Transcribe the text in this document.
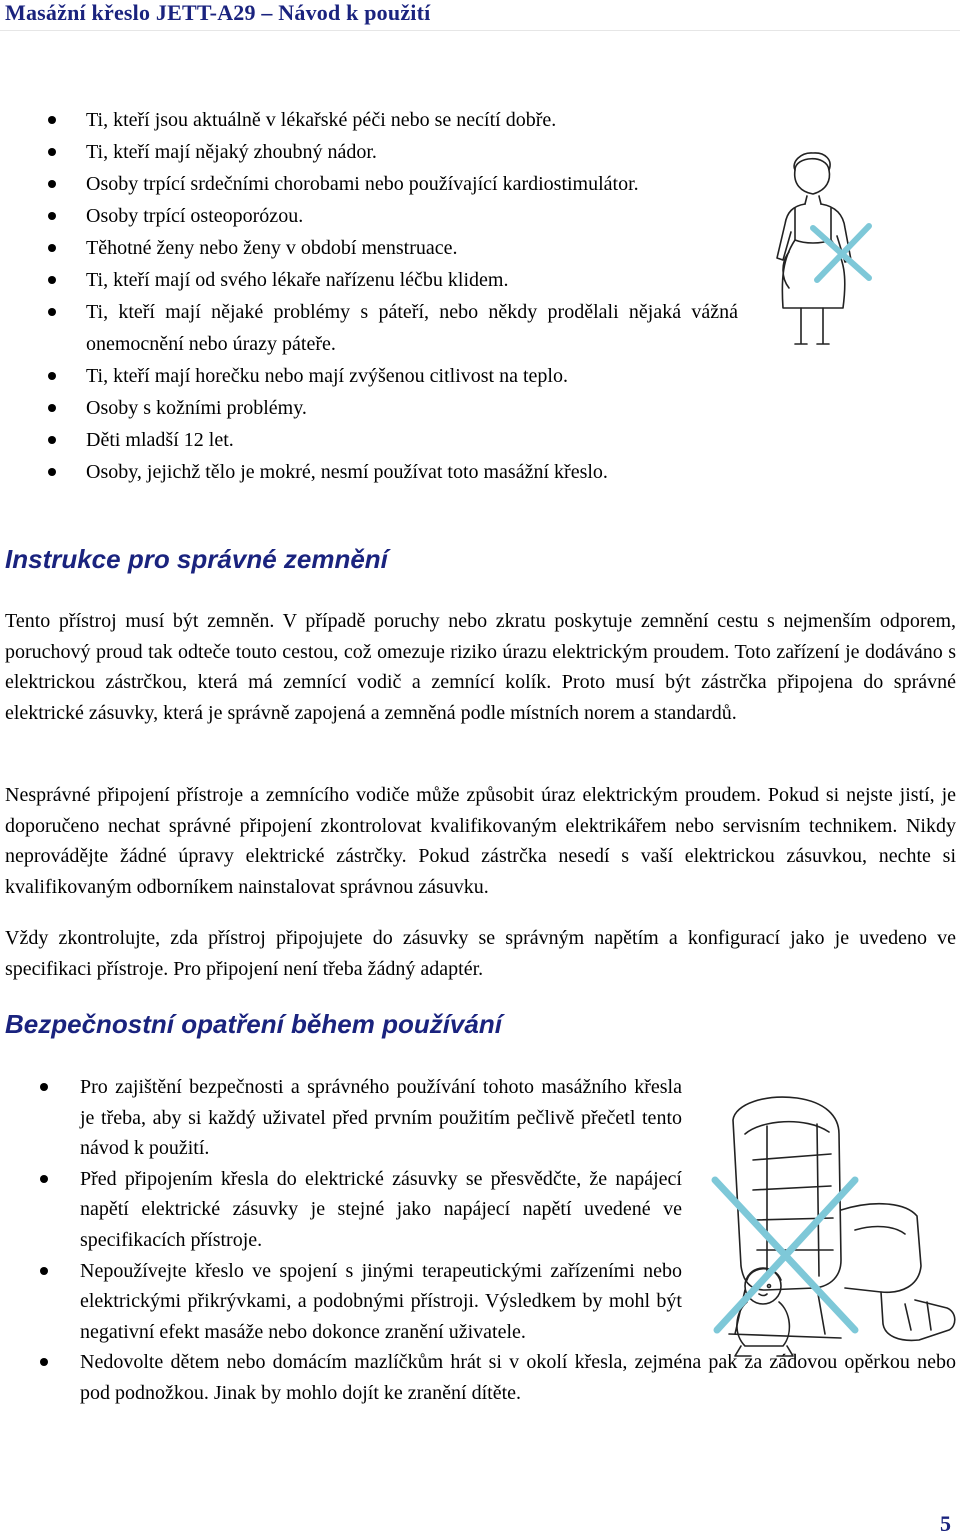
Masážní křeslo JETT-A29 – Návod k použití
Ti, kteří jsou aktuálně v lékařské péči nebo se necítí dobře.
Ti, kteří mají nějaký zhoubný nádor.
Osoby trpící srdečními chorobami nebo používající kardiostimulátor.
Osoby trpící osteoporózou.
Těhotné ženy nebo ženy v období menstruace.
Ti, kteří mají od svého lékaře nařízenu léčbu klidem.
Ti, kteří mají nějaké problémy s páteří, nebo někdy prodělali nějaká vážná onemocnění nebo úrazy páteře.
Ti, kteří mají horečku nebo mají zvýšenou citlivost na teplo.
Osoby s kožními problémy.
Děti mladší 12 let.
Osoby, jejichž tělo je mokré, nesmí používat toto masážní křeslo.
Instrukce pro správné zemnění

Tento přístroj musí být zemněn. V případě poruchy nebo zkratu poskytuje zemnění cestu s nejmenším odporem, poruchový proud tak odteče touto cestou, což omezuje riziko úrazu elektrickým proudem. Toto zařízení je dodáváno s elektrickou zástrčkou, která má zemnící vodič a zemnící kolík. Proto musí být zástrčka připojena do správné elektrické zásuvky, která je správně zapojená a zemněná podle místních norem a standardů.

Nesprávné připojení přístroje a zemnícího vodiče může způsobit úraz elektrickým proudem. Pokud si nejste jistí, je doporučeno nechat správné připojení zkontrolovat kvalifikovaným elektrikářem nebo servisním technikem. Nikdy neprovádějte žádné úpravy elektrické zástrčky. Pokud zástrčka nesedí s vaší elektrickou zásuvkou, nechte si kvalifikovaným odborníkem nainstalovat správnou zásuvku.

Vždy zkontrolujte, zda přístroj připojujete do zásuvky se správným napětím a konfigurací jako je uvedeno ve specifikaci přístroje. Pro připojení není třeba žádný adaptér.

Bezpečnostní opatření během používání
Pro zajištění bezpečnosti a správného používání tohoto masážního křesla je třeba, aby si každý uživatel před prvním použitím pečlivě přečetl tento návod k použití.
Před připojením křesla do elektrické zásuvky se přesvědčte, že napájecí napětí elektrické zásuvky je stejné jako napájecí napětí uvedené ve specifikacích přístroje.
Nepoužívejte křeslo ve spojení s jinými terapeutickými zařízeními nebo elektrickými přikrývkami, a podobnými přístroji. Výsledkem by mohl být negativní efekt masáže nebo dokonce zranění uživatele.
Nedovolte dětem nebo domácím mazlíčkům hrát si v okolí křesla, zejména pak za zádovou opěrkou nebo pod podnožkou. Jinak by mohlo dojít ke zranění dítěte.
5
